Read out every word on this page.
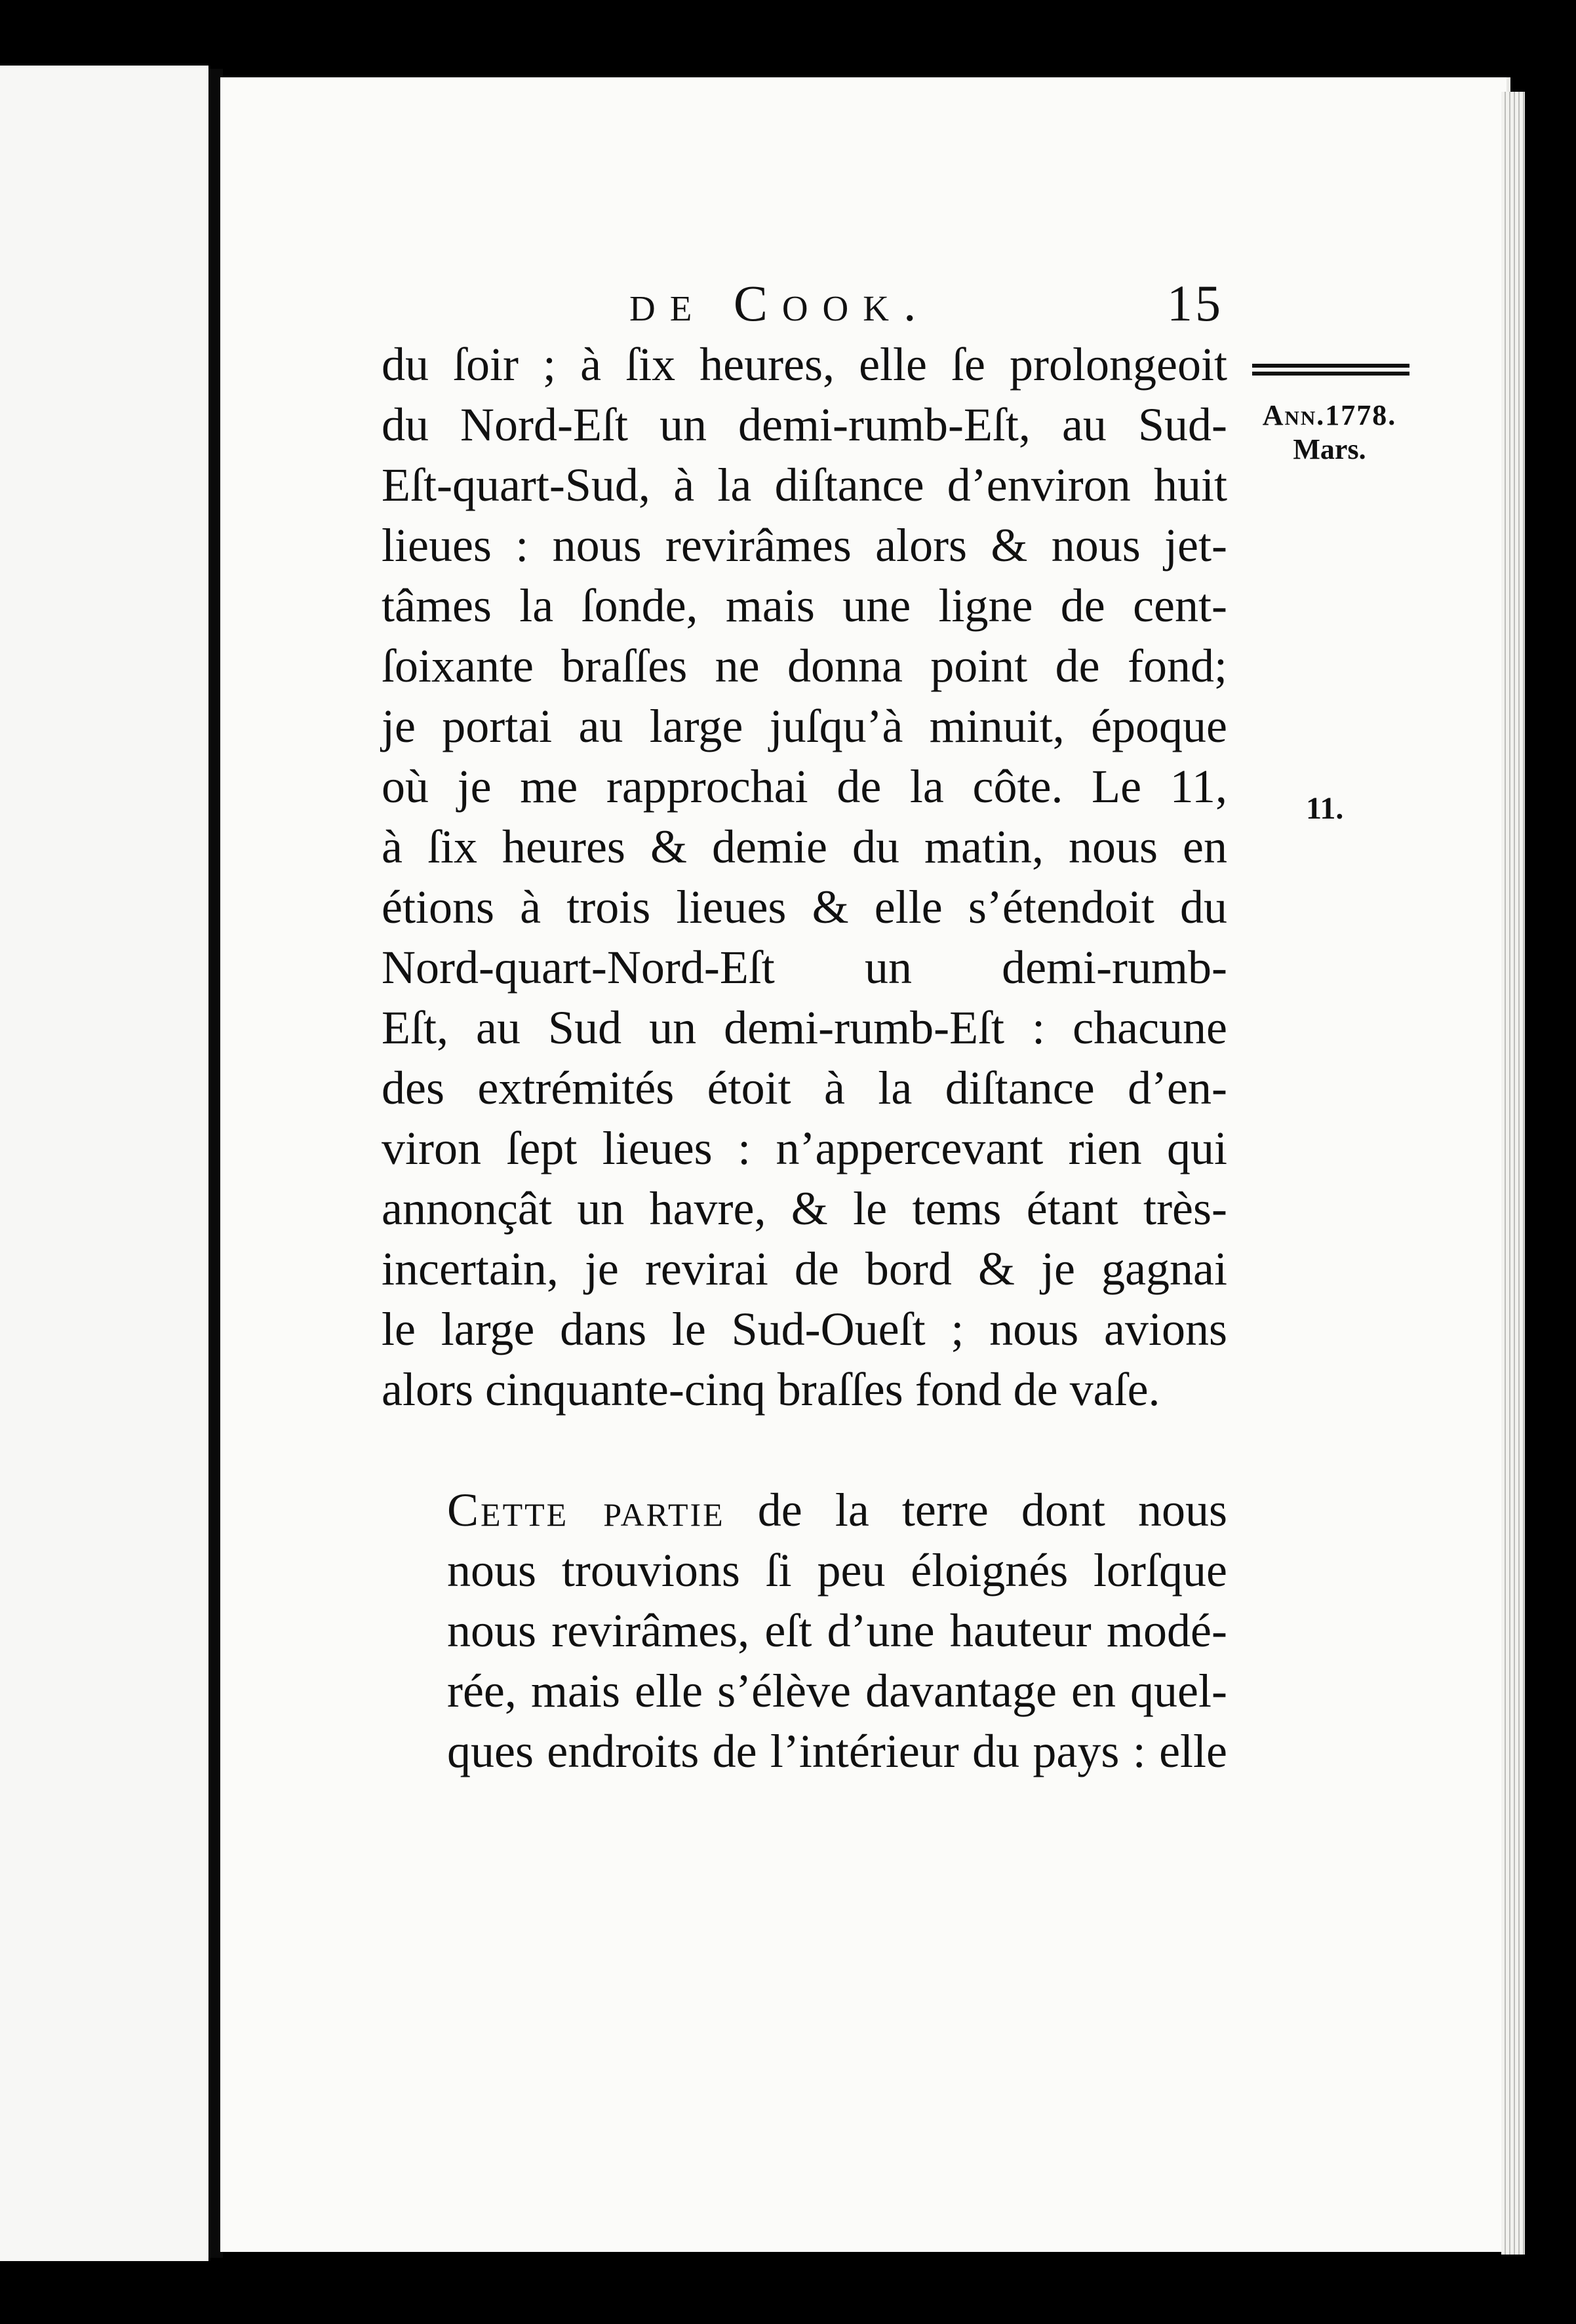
de Cook.	15
Ann.1778.
Mars.
11.

du ſoir ; à ſix heures, elle ſe prolongeoit
du Nord-Eſt un demi-rumb-Eſt, au Sud-
Eſt-quart-Sud, à la diſtance d’environ huit
lieues : nous revirâmes alors & nous jet-
tâmes la ſonde, mais une ligne de cent-
ſoixante braſſes ne donna point de fond;
je portai au large juſqu’à minuit, époque
où je me rapprochai de la côte. Le 11,
à ſix heures & demie du matin, nous en
étions à trois lieues & elle s’étendoit du
Nord-quart-Nord-Eſt un demi-rumb-
Eſt, au Sud un demi-rumb-Eſt : chacune
des extrémités étoit à la diſtance d’en-
viron ſept lieues : n’appercevant rien qui
annonçât un havre, & le tems étant très-
incertain, je revirai de bord & je gagnai
le large dans le Sud-Oueſt ; nous avions
alors cinquante-cinq braſſes fond de vaſe.

Cette partie de la terre dont nous
nous trouvions ſi peu éloignés lorſque
nous revirâmes, eſt d’une hauteur modé-
rée, mais elle s’élève davantage en quel-
ques endroits de l’intérieur du pays : elle
